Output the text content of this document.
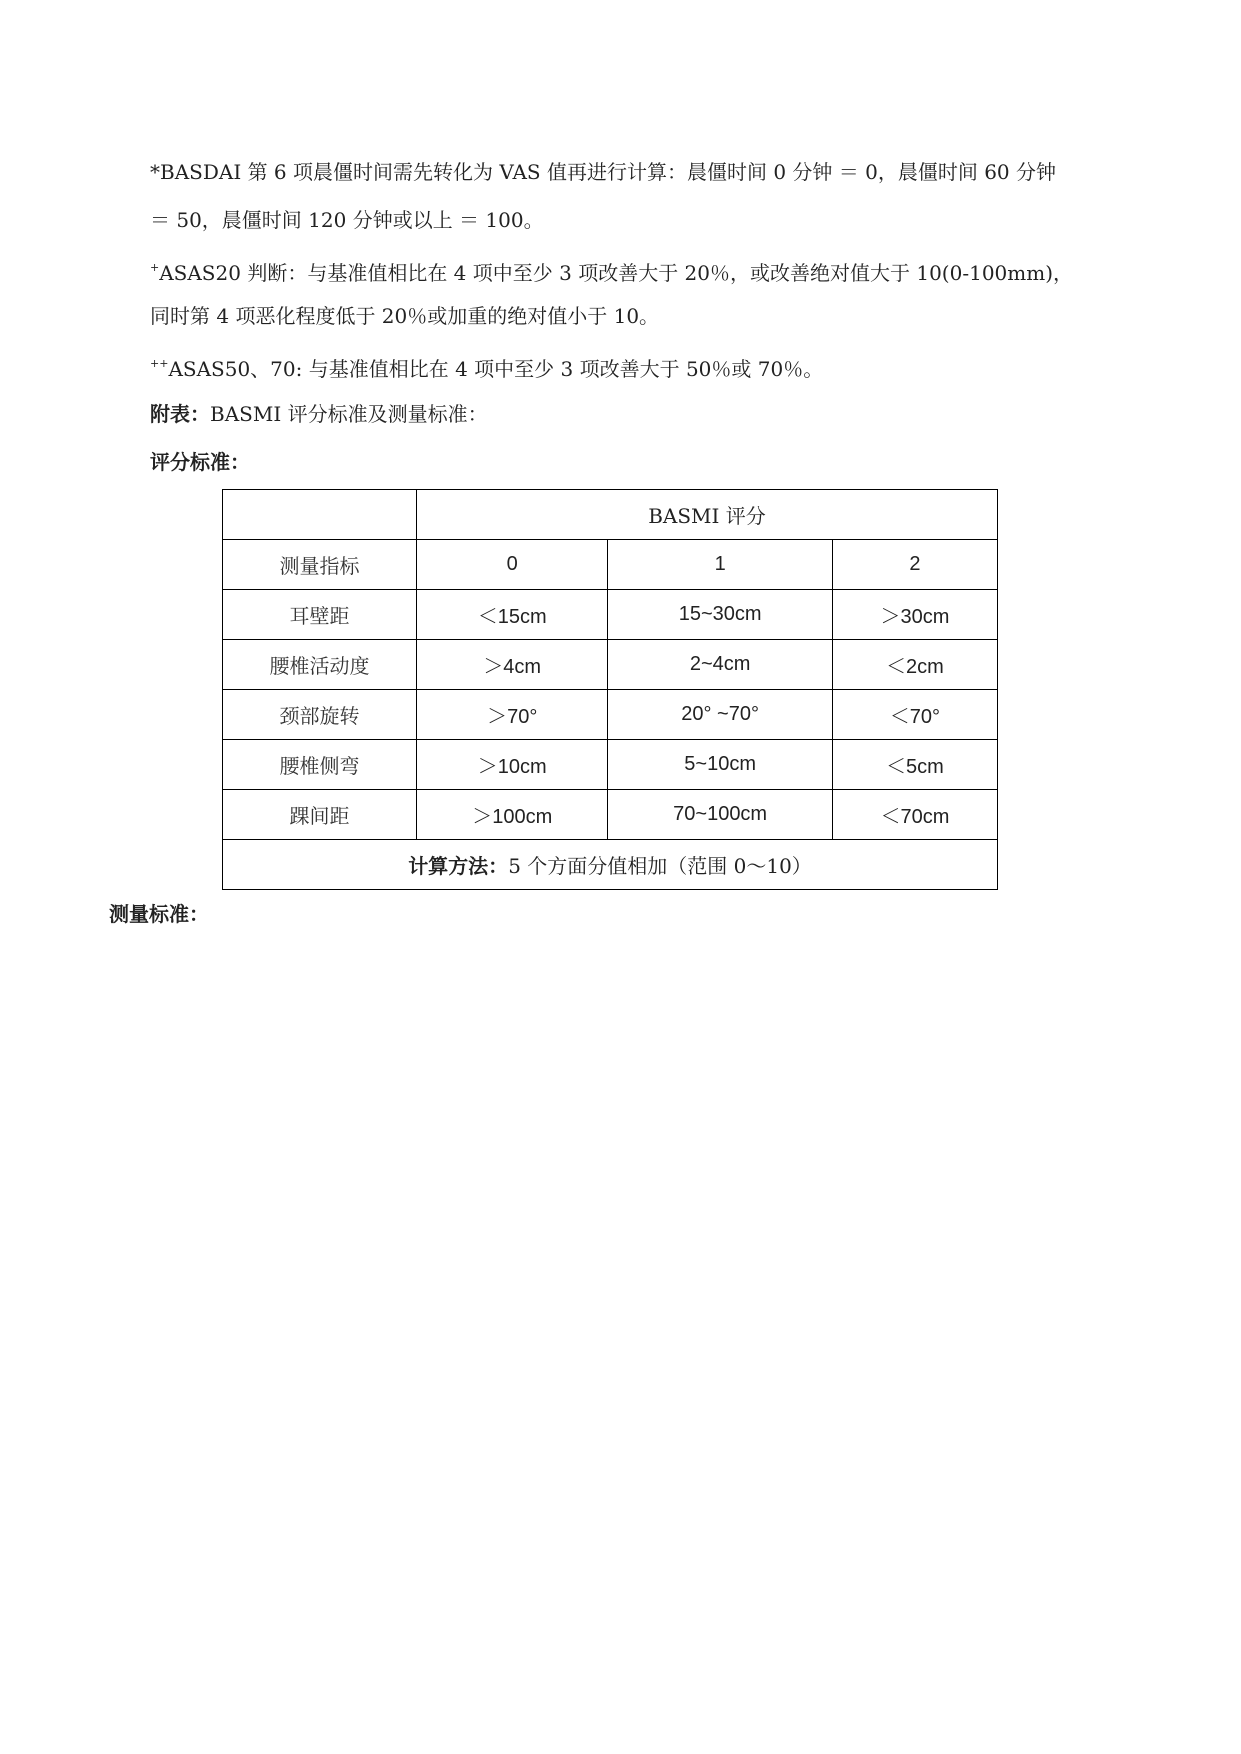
*BASDAI 第 6 项晨僵时间需先转化为 VAS 值再进行计算：晨僵时间 0 分钟 ＝ 0，晨僵时间 60 分钟

＝ 50，晨僵时间 120 分钟或以上 ＝ 100。

+ASAS20 判断：与基准值相比在 4 项中至少 3 项改善大于 20％，或改善绝对值大于 10(0-100mm)，

同时第 4 项恶化程度低于 20％或加重的绝对值小于 10。

++ASAS50、70: 与基准值相比在 4 项中至少 3 项改善大于 50％或 70％。

附表：BASMI 评分标准及测量标准：

评分标准：

	BASMI 评分		
测量指标	0	1	2
耳壁距	＜15cm	15~30cm	＞30cm
腰椎活动度	＞4cm	2~4cm	＜2cm
颈部旋转	＞70°	20° ~70°	＜70°
腰椎侧弯	＞10cm	5~10cm	＜5cm
踝间距	＞100cm	70~100cm	＜70cm
计算方法：5 个方面分值相加（范围 0～10）			

测量标准：
